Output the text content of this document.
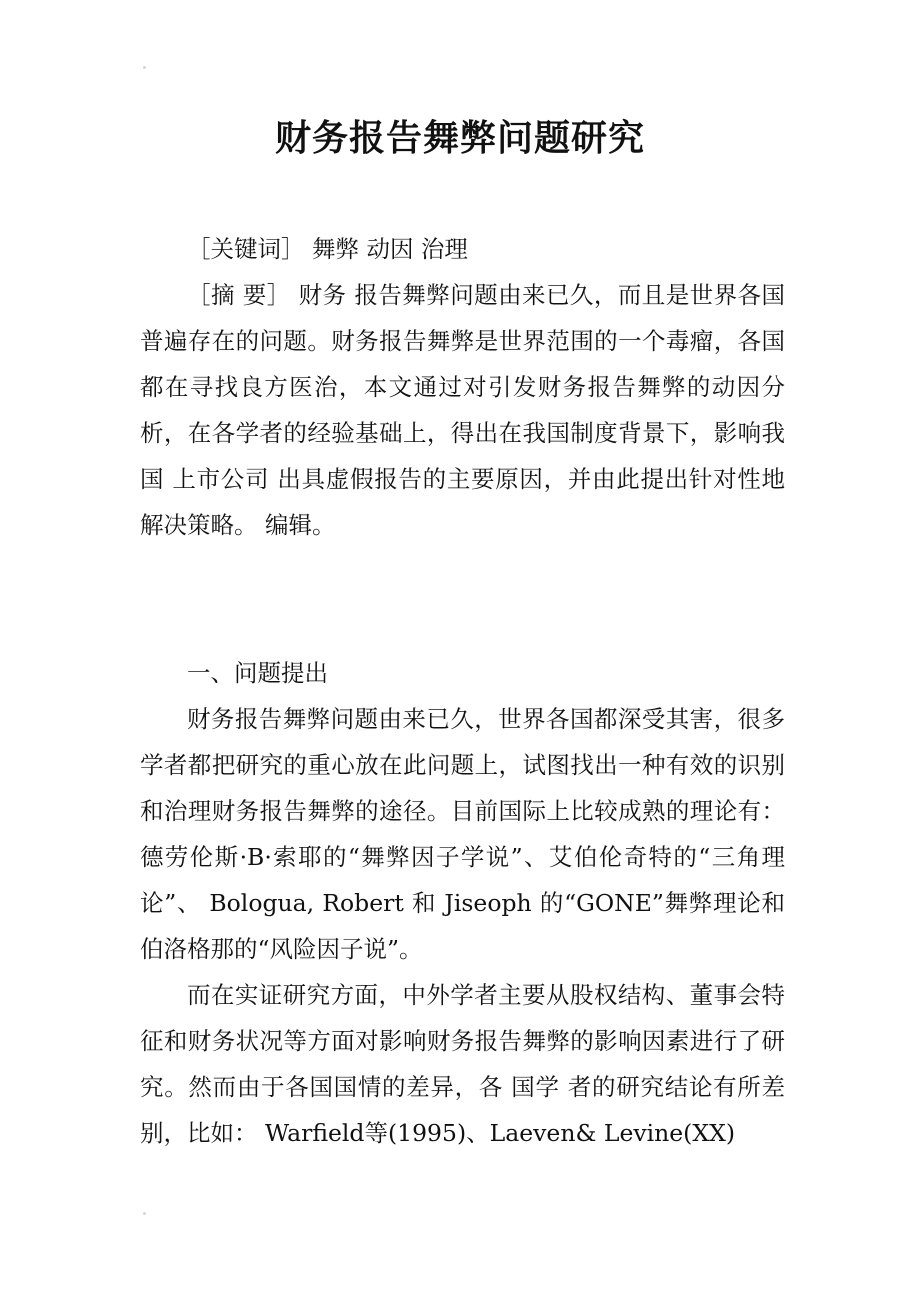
财务报告舞弊问题研究

［关键词］ 舞弊 动因 治理

［摘 要］ 财务 报告舞弊问题由来已久，而且是世界各国普遍存在的问题。财务报告舞弊是世界范围的一个毒瘤，各国都在寻找良方医治，本文通过对引发财务报告舞弊的动因分析，在各学者的经验基础上，得出在我国制度背景下，影响我国 上市公司 出具虚假报告的主要原因，并由此提出针对性地解决策略。 编辑。

一、问题提出

财务报告舞弊问题由来已久，世界各国都深受其害，很多学者都把研究的重心放在此问题上，试图找出一种有效的识别和治理财务报告舞弊的途径。目前国际上比较成熟的理论有：德劳伦斯·B·索耶的“舞弊因子学说”、艾伯伦奇特的“三角理论”、 Bologua, Robert 和 Jiseoph 的“GONE”舞弊理论和伯洛格那的“风险因子说”。

而在实证研究方面，中外学者主要从股权结构、董事会特征和财务状况等方面对影响财务报告舞弊的影响因素进行了研究。然而由于各国国情的差异，各 国学 者的研究结论有所差别，比如： Warfield等(1995)、Laeven& Levine(XX)
